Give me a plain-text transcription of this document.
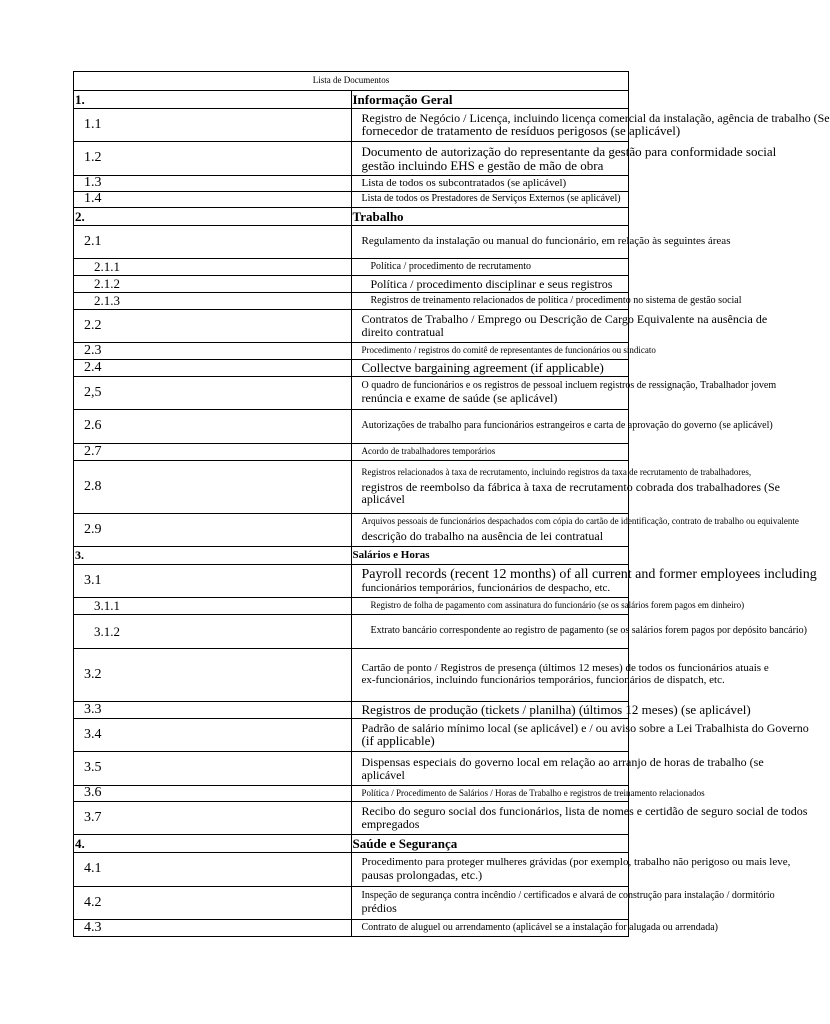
Lista de Documentos	
1.	Informação Geral
1.1	Registro de Negócio / Licença, incluindo licença comercial da instalação, agência de trabalho (Se
fornecedor de tratamento de resíduos perigosos (se aplicável)

1.2	Documento de autorização do representante da gestão para conformidade social
gestão incluindo EHS e gestão de mão de obra

1.3	Lista de todos os subcontratados (se aplicável)

1.4	Lista de todos os Prestadores de Serviços Externos (se aplicável)

2.	Trabalho
2.1	Regulamento da instalação ou manual do funcionário, em relação às seguintes áreas

2.1.1	Política / procedimento de recrutamento

2.1.2	Política / procedimento disciplinar e seus registros

2.1.3	Registros de treinamento relacionados de política / procedimento no sistema de gestão social

2.2	Contratos de Trabalho / Emprego ou Descrição de Cargo Equivalente na ausência de
direito contratual

2.3	Procedimento / registros do comitê de representantes de funcionários ou sindicato

2.4	Collectve bargaining agreement (if applicable)

2,5	O quadro de funcionários e os registros de pessoal incluem registros de ressignação, Trabalhador jovem
renúncia e exame de saúde (se aplicável)

2.6	Autorizações de trabalho para funcionários estrangeiros e carta de aprovação do governo (se aplicável)

2.7	Acordo de trabalhadores temporários

2.8	Registros relacionados à taxa de recrutamento, incluindo registros da taxa de recrutamento de trabalhadores,
registros de reembolso da fábrica à taxa de recrutamento cobrada dos trabalhadores (Se
aplicável

2.9	Arquivos pessoais de funcionários despachados com cópia do cartão de identificação, contrato de trabalho ou equivalente
descrição do trabalho na ausência de lei contratual

3.	Salários e Horas
3.1	Payroll records (recent 12 months) of all current and former employees including
funcionários temporários, funcionários de despacho, etc.

3.1.1	Registro de folha de pagamento com assinatura do funcionário (se os salários forem pagos em dinheiro)

3.1.2	Extrato bancário correspondente ao registro de pagamento (se os salários forem pagos por depósito bancário)

3.2	Cartão de ponto / Registros de presença (últimos 12 meses) de todos os funcionários atuais e
ex-funcionários, incluindo funcionários temporários, funcionários de dispatch, etc.

3.3	Registros de produção (tickets / planilha) (últimos 12 meses) (se aplicável)

3.4	Padrão de salário mínimo local (se aplicável) e / ou aviso sobre a Lei Trabalhista do Governo
(if applicable)

3.5	Dispensas especiais do governo local em relação ao arranjo de horas de trabalho (se
aplicável

3.6	Política / Procedimento de Salários / Horas de Trabalho e registros de treinamento relacionados

3.7	Recibo do seguro social dos funcionários, lista de nomes e certidão de seguro social de todos
empregados

4.	Saúde e Segurança
4.1	Procedimento para proteger mulheres grávidas (por exemplo, trabalho não perigoso ou mais leve,
pausas prolongadas, etc.)

4.2	Inspeção de segurança contra incêndio / certificados e alvará de construção para instalação / dormitório
prédios

4.3	Contrato de aluguel ou arrendamento (aplicável se a instalação for alugada ou arrendada)
